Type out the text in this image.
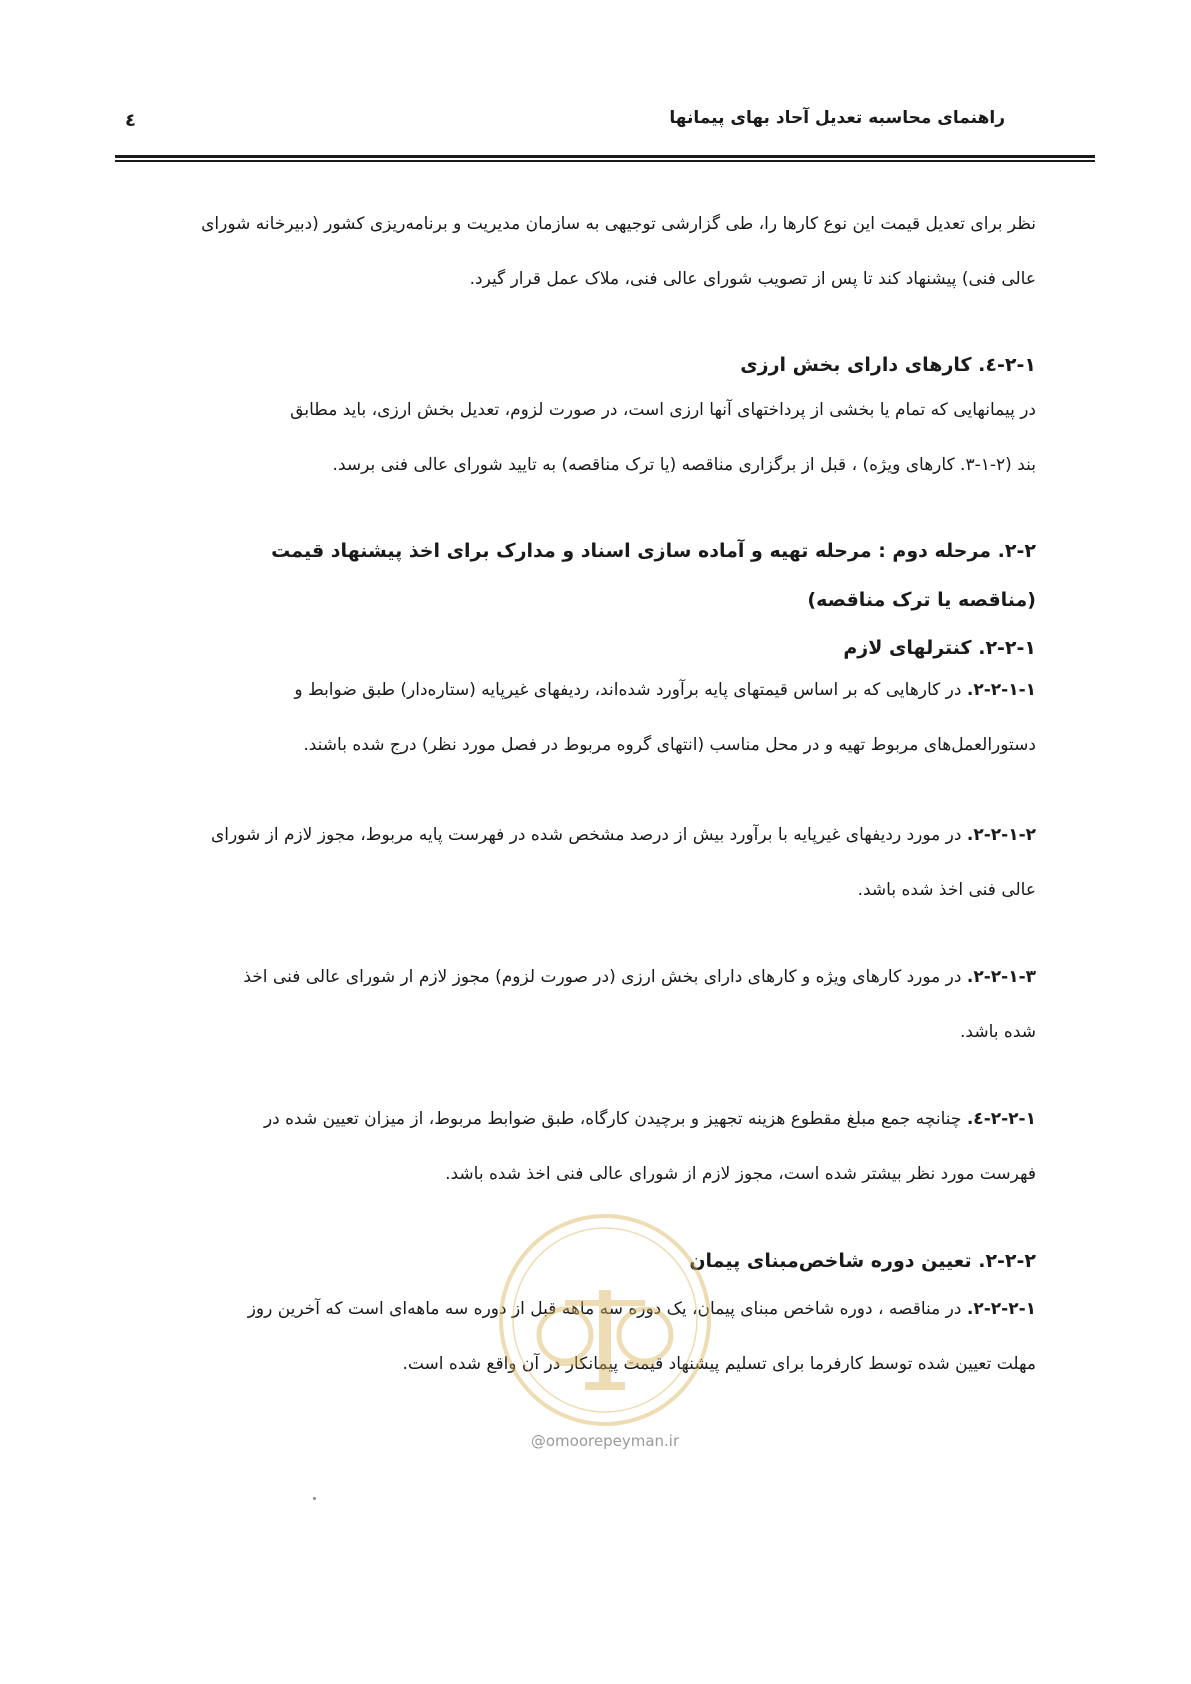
راهنمای محاسبه تعدیل آحاد بهای پیمانها
٤

نظر برای تعدیل قیمت این نوع کارها را، طی گزارشی توجیهی به سازمان مدیریت و برنامه‌ریزی کشور (دبیرخانه شورای

عالی فنی) پیشنهاد کند تا پس از تصویب شورای عالی فنی، ملاک عمل قرار گیرد.

۲-۱-٤. کارهای دارای بخش ارزی

در پیمانهایی که تمام یا بخشی از پرداختهای آنها ارزی است، در صورت لزوم، تعدیل بخش ارزی، باید مطابق

بند (۲-۱-۳. کارهای ویژه) ، قبل از برگزاری مناقصه (یا ترک مناقصه) به تایید شورای عالی فنی برسد.

۲-۲. مرحله دوم : مرحله تهیه و آماده سازی اسناد و مدارک برای اخذ پیشنهاد قیمت
(مناقصه یا ترک مناقصه)
۲-۲-۱. کنترلهای لازم

۲-۲-۱-۱. در کارهایی که بر اساس قیمتهای پایه برآورد شده‌اند، ردیفهای غیرپایه (ستاره‌دار) طبق ضوابط و

دستورالعمل‌های مربوط تهیه و در محل مناسب (انتهای گروه مربوط در فصل مورد نظر) درج شده باشند.

۲-۲-۱-۲. در مورد ردیفهای غیرپایه با برآورد بیش از درصد مشخص شده در فهرست پایه مربوط، مجوز لازم از شورای

عالی فنی اخذ شده باشد.

۲-۲-۱-۳. در مورد کارهای ویژه و کارهای دارای بخش ارزی (در صورت لزوم) مجوز لازم ار شورای عالی فنی اخذ

شده باشد.

۲-۲-۱-٤. چنانچه جمع مبلغ مقطوع هزینه تجهیز و برچیدن کارگاه، طبق ضوابط مربوط، از میزان تعیین شده در

فهرست مورد نظر بیشتر شده است، مجوز لازم از شورای عالی فنی اخذ شده باشد.

۲-۲-۲. تعیین دوره شاخص‌مبنای پیمان

۲-۲-۲-۱. در مناقصه ، دوره شاخص مبنای پیمان، یک دوره سه ماهه قبل از دوره سه ماهه‌ای است که آخرین روز

مهلت تعیین شده توسط کارفرما برای تسلیم پیشنهاد قیمت پیمانکار در آن واقع شده است.

@omoorepeyman.ir
